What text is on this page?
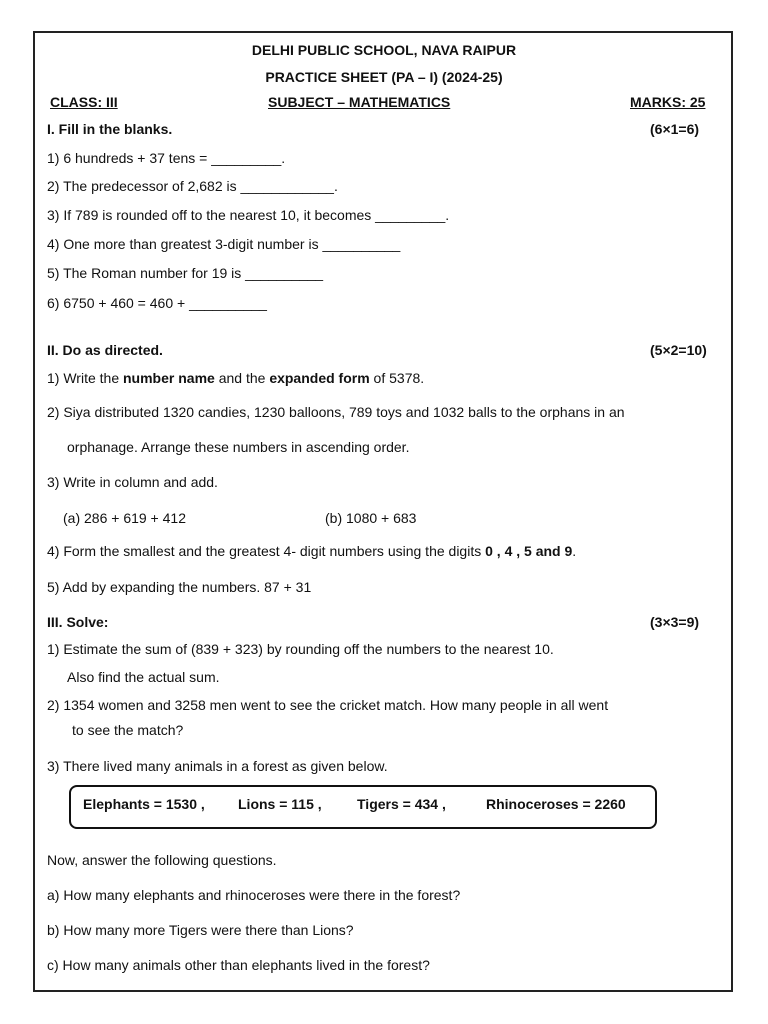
DELHI PUBLIC SCHOOL, NAVA RAIPUR
PRACTICE SHEET (PA – I) (2024-25)
CLASS: III	SUBJECT – MATHEMATICS	MARKS: 25
I. Fill in the blanks.	(6×1=6)
1) 6 hundreds + 37 tens = _________.
2) The predecessor of 2,682 is ____________.
3) If 789 is rounded off to the nearest 10, it becomes _________.
4) One more than greatest 3-digit number is __________
5) The Roman number for 19 is __________
6) 6750 + 460 = 460 + __________
II. Do as directed.	(5×2=10)
1) Write the number name and the expanded form of 5378.
2) Siya distributed 1320 candies, 1230 balloons, 789 toys and 1032 balls to the orphans in an
orphanage. Arrange these numbers in ascending order.
3) Write in column and add.
(a) 286 + 619 + 412	(b) 1080 + 683
4) Form the smallest and the greatest 4- digit numbers using the digits 0 , 4 , 5 and 9.
5) Add by expanding the numbers. 87 + 31
III. Solve:	(3×3=9)
1) Estimate the sum of (839 + 323) by rounding off the numbers to the nearest 10.
Also find the actual sum.
2) 1354 women and 3258 men went to see the cricket match. How many people in all went
to see the match?
3) There lived many animals in a forest as given below.
Elephants = 1530 , Lions = 115 ,	Tigers = 434 ,	Rhinoceroses = 2260
Now, answer the following questions.
a) How many elephants and rhinoceroses were there in the forest?
b) How many more Tigers were there than Lions?
c) How many animals other than elephants lived in the forest?
